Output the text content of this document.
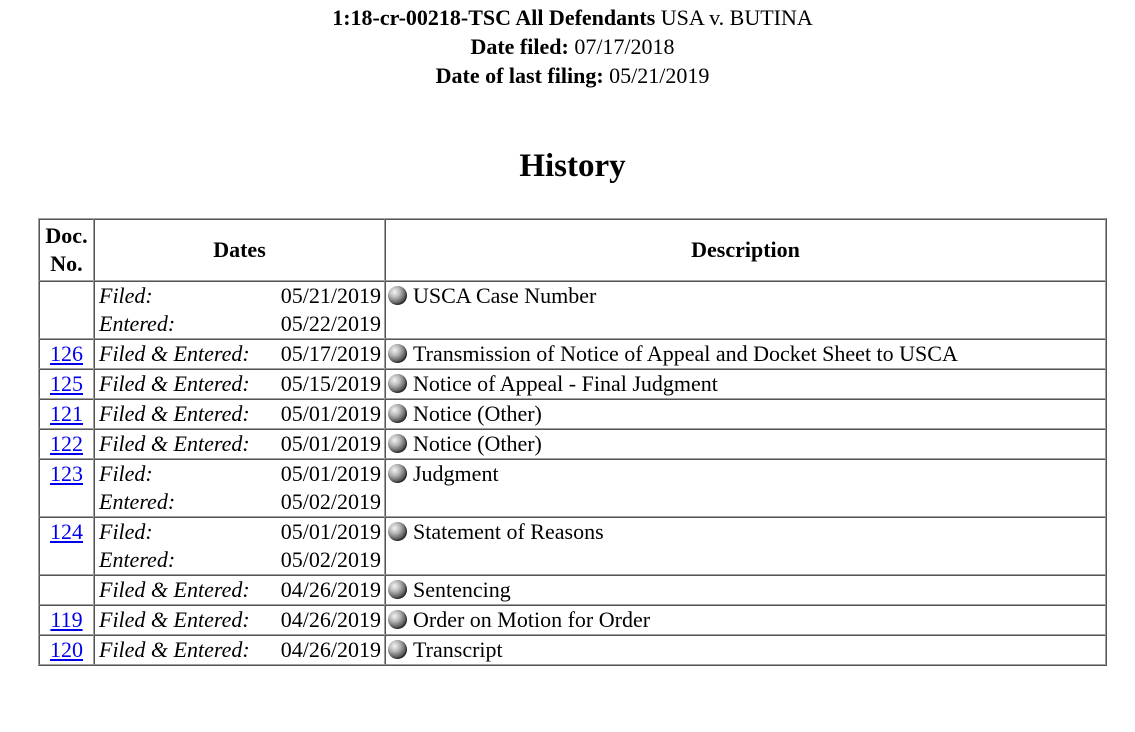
1:18-cr-00218-TSC All Defendants USA v. BUTINA
Date filed: 07/17/2018
Date of last filing: 05/21/2019
History
Doc.
No.	Dates	Description

	Filed: 05/21/2019
Entered: 05/22/2019	USCA Case Number
126	Filed & Entered: 05/17/2019	Transmission of Notice of Appeal and Docket Sheet to USCA
125	Filed & Entered: 05/15/2019	Notice of Appeal - Final Judgment
121	Filed & Entered: 05/01/2019	Notice (Other)
122	Filed & Entered: 05/01/2019	Notice (Other)
123	Filed: 05/01/2019
Entered: 05/02/2019	Judgment
124	Filed: 05/01/2019
Entered: 05/02/2019	Statement of Reasons

	Filed & Entered: 04/26/2019	Sentencing
119	Filed & Entered: 04/26/2019	Order on Motion for Order
120	Filed & Entered: 04/26/2019	Transcript
